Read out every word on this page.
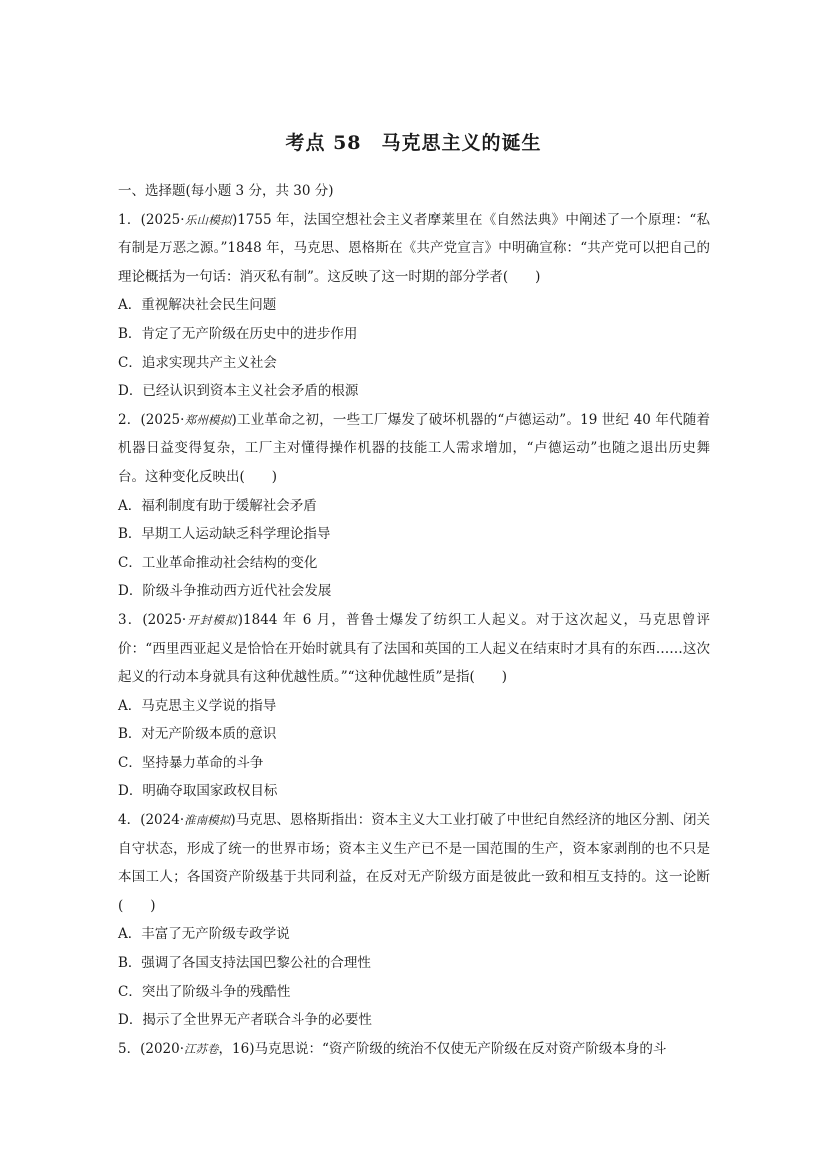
考点 58　马克思主义的诞生
一、选择题(每小题 3 分，共 30 分)
1．(2025·乐山模拟)1755 年，法国空想社会主义者摩莱里在《自然法典》中阐述了一个原理：“私有制是万恶之源。”1848 年，马克思、恩格斯在《共产党宣言》中明确宣称：“共产党可以把自己的理论概括为一句话：消灭私有制”。这反映了这一时期的部分学者(　　)
A．重视解决社会民生问题
B．肯定了无产阶级在历史中的进步作用
C．追求实现共产主义社会
D．已经认识到资本主义社会矛盾的根源
2．(2025·郑州模拟)工业革命之初，一些工厂爆发了破坏机器的“卢德运动”。19 世纪 40 年代随着机器日益变得复杂，工厂主对懂得操作机器的技能工人需求增加，“卢德运动”也随之退出历史舞台。这种变化反映出(　　)
A．福利制度有助于缓解社会矛盾
B．早期工人运动缺乏科学理论指导
C．工业革命推动社会结构的变化
D．阶级斗争推动西方近代社会发展
3．(2025·开封模拟)1844 年 6 月，普鲁士爆发了纺织工人起义。对于这次起义，马克思曾评价：“西里西亚起义是恰恰在开始时就具有了法国和英国的工人起义在结束时才具有的东西……这次起义的行动本身就具有这种优越性质。”“这种优越性质”是指(　　)
A．马克思主义学说的指导
B．对无产阶级本质的意识
C．坚持暴力革命的斗争
D．明确夺取国家政权目标
4．(2024·淮南模拟)马克思、恩格斯指出：资本主义大工业打破了中世纪自然经济的地区分割、闭关自守状态，形成了统一的世界市场；资本主义生产已不是一国范围的生产，资本家剥削的也不只是本国工人；各国资产阶级基于共同利益，在反对无产阶级方面是彼此一致和相互支持的。这一论断(　　)
A．丰富了无产阶级专政学说
B．强调了各国支持法国巴黎公社的合理性
C．突出了阶级斗争的残酷性
D．揭示了全世界无产者联合斗争的必要性
5．(2020·江苏卷，16)马克思说：“资产阶级的统治不仅使无产阶级在反对资产阶级本身的斗
